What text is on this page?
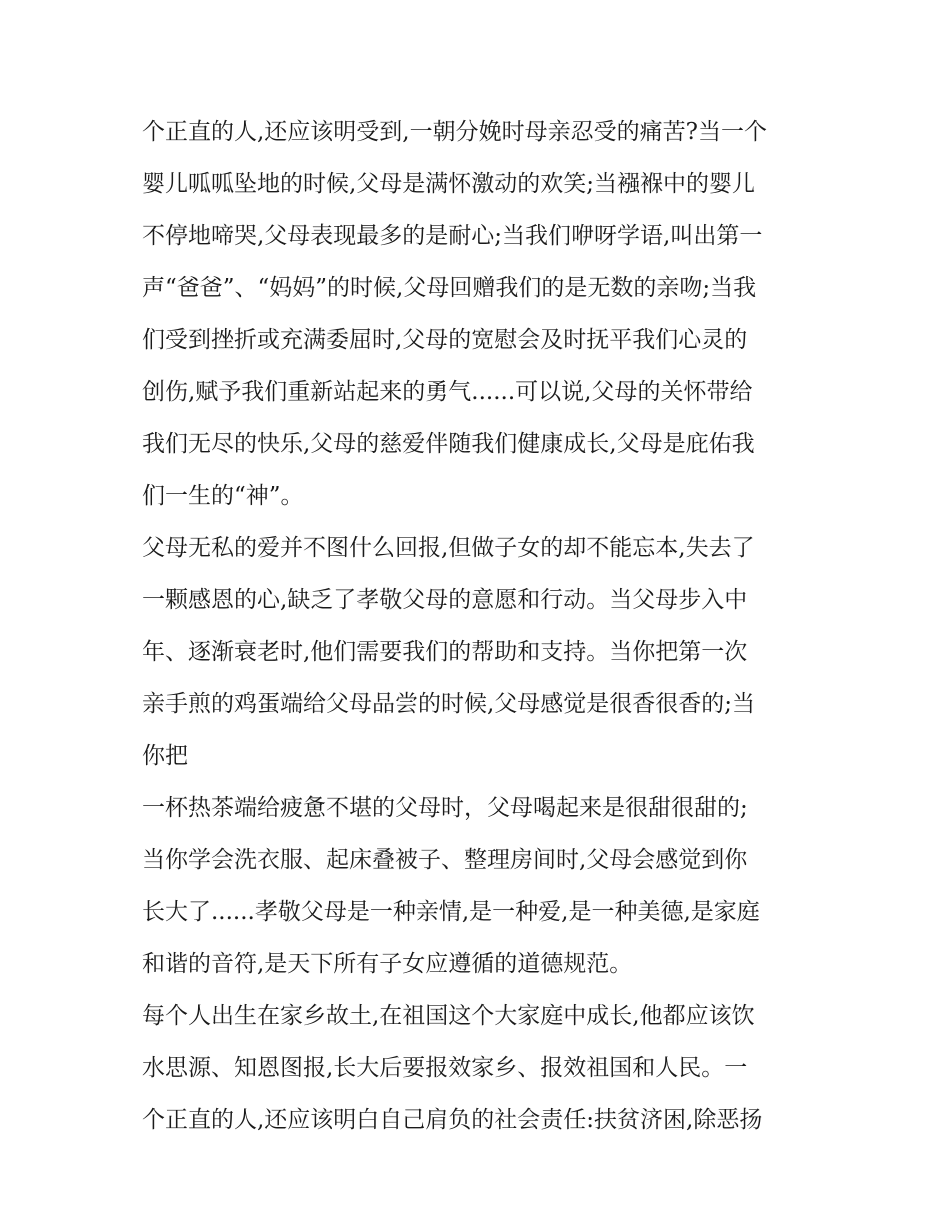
个正直的人,还应该明受到,一朝分娩时母亲忍受的痛苦?当一个
婴儿呱呱坠地的时候,父母是满怀激动的欢笑;当襁褓中的婴儿
不停地啼哭,父母表现最多的是耐心;当我们咿呀学语,叫出第一
声“爸爸”、“妈妈”的时候,父母回赠我们的是无数的亲吻;当我
们受到挫折或充满委屈时,父母的宽慰会及时抚平我们心灵的
创伤,赋予我们重新站起来的勇气......可以说,父母的关怀带给
我们无尽的快乐,父母的慈爱伴随我们健康成长,父母是庇佑我
们一生的“神”。
父母无私的爱并不图什么回报,但做子女的却不能忘本,失去了
一颗感恩的心,缺乏了孝敬父母的意愿和行动。当父母步入中
年、逐渐衰老时,他们需要我们的帮助和支持。当你把第一次
亲手煎的鸡蛋端给父母品尝的时候,父母感觉是很香很香的;当
你把
一杯热茶端给疲惫不堪的父母时，父母喝起来是很甜很甜的;
当你学会洗衣服、起床叠被子、整理房间时,父母会感觉到你
长大了......孝敬父母是一种亲情,是一种爱,是一种美德,是家庭
和谐的音符,是天下所有子女应遵循的道德规范。
每个人出生在家乡故土,在祖国这个大家庭中成长,他都应该饮
水思源、知恩图报,长大后要报效家乡、报效祖国和人民。一
个正直的人,还应该明白自己肩负的社会责任:扶贫济困,除恶扬
